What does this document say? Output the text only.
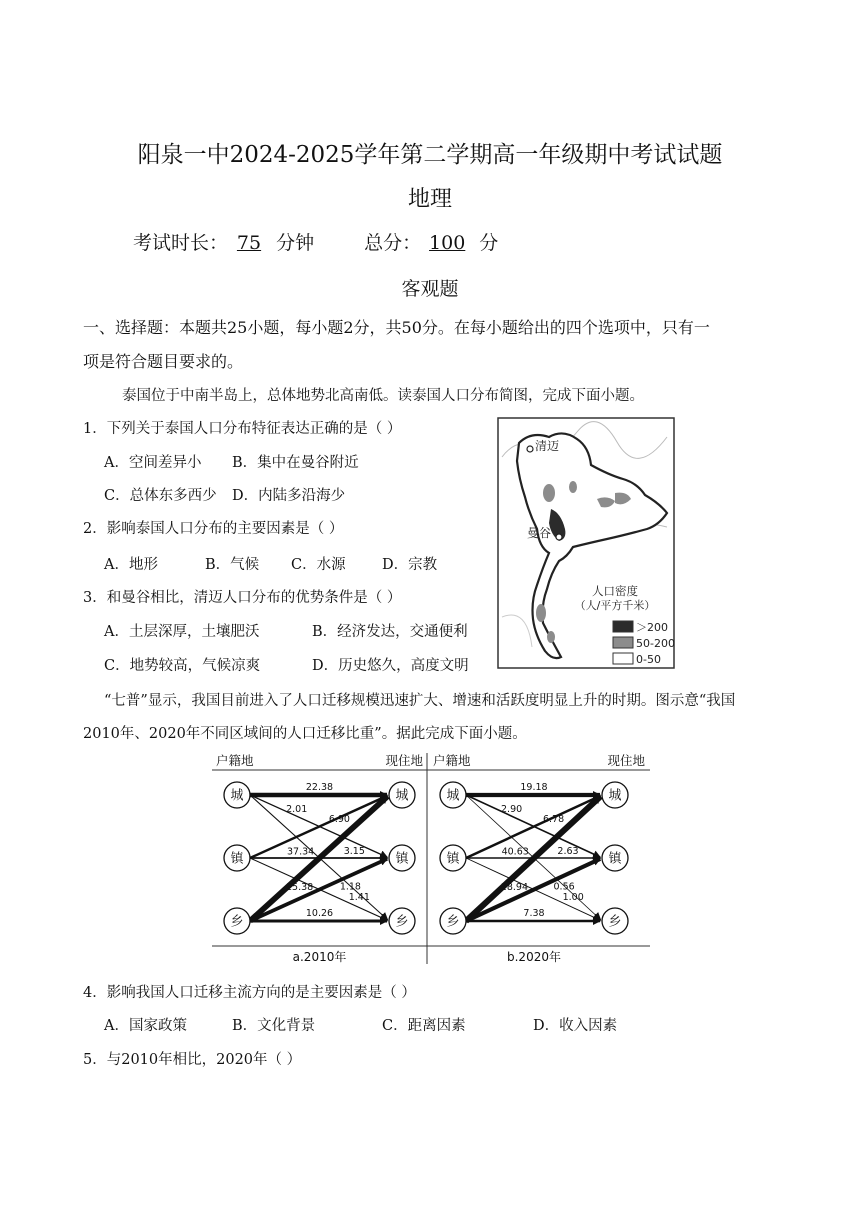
阳泉一中2024-2025学年第二学期高一年级期中考试试题
地理
考试时长： 75 分钟	总分： 100 分
客观题
一、选择题：本题共25小题，每小题2分，共50分。在每小题给出的四个选项中，只有一
项是符合题目要求的。
泰国位于中南半岛上，总体地势北高南低。读泰国人口分布简图，完成下面小题。
1．下列关于泰国人口分布特征表达正确的是（ ）
A．空间差异小 B．集中在曼谷附近
C．总体东多西少 D．内陆多沿海少
2．影响泰国人口分布的主要因素是（ ）
A．地形	B．气候 C．水源	D．宗教
3．和曼谷相比，清迈人口分布的优势条件是（ ）
A．土层深厚，土壤肥沃	B．经济发达，交通便利
C．地势较高，气候凉爽	D．历史悠久，高度文明
清迈
曼谷
人口密度
（人/平方千米）
＞200
50-200
0-50
“七普”显示，我国目前进入了人口迁移规模迅速扩大、增速和活跃度明显上升的时期。图示意“我国
2010年、2020年不同区域间的人口迁移比重”。据此完成下面小题。
城
镇
乡
城
镇
乡
城
镇
乡
城
镇
乡
户籍地	现住地 户籍地	现住地
22.38
2.01
6.90
37.34	3.15
15.38	1.18
1.41
10.26
a.2010年
19.18
2.90
6.78
40.63	2.63
18.94	0.56
1.00
7.38
b.2020年
4．影响我国人口迁移主流方向的是主要因素是（ ）
A．国家政策	B．文化背景	C．距离因素	D．收入因素
5．与2010年相比，2020年（ ）
